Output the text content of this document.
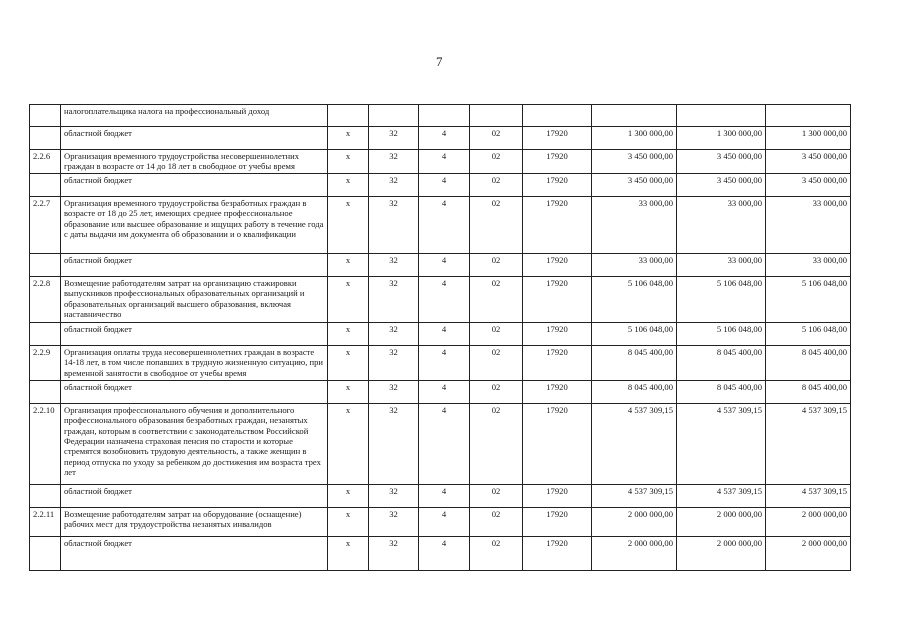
7
	налогоплательщика налога на профессиональный доход								
	областной бюджет	х	32	4	02	17920	1 300 000,00	1 300 000,00	1 300 000,00
2.2.6	Организация временного трудоустройства несовершеннолетних граждан в возрасте от 14 до 18 лет в свободное от учебы время	х	32	4	02	17920	3 450 000,00	3 450 000,00	3 450 000,00
	областной бюджет	х	32	4	02	17920	3 450 000,00	3 450 000,00	3 450 000,00
2.2.7	Организация временного трудоустройства безработных граждан в возрасте от 18 до 25 лет, имеющих среднее профессиональное образование или высшее образование и ищущих работу в течение года с даты выдачи им документа об образовании и о квалификации	х	32	4	02	17920	33 000,00	33 000,00	33 000,00
	областной бюджет	х	32	4	02	17920	33 000,00	33 000,00	33 000,00
2.2.8	Возмещение работодателям затрат на организацию стажировки выпускников профессиональных образовательных организаций и образовательных организаций высшего образования, включая наставничество	х	32	4	02	17920	5 106 048,00	5 106 048,00	5 106 048,00
	областной бюджет	х	32	4	02	17920	5 106 048,00	5 106 048,00	5 106 048,00
2.2.9	Организация оплаты труда несовершеннолетних граждан в возрасте 14-18 лет, в том числе попавших в трудную жизненную ситуацию, при временной занятости в свободное от учебы время	х	32	4	02	17920	8 045 400,00	8 045 400,00	8 045 400,00
	областной бюджет	х	32	4	02	17920	8 045 400,00	8 045 400,00	8 045 400,00
2.2.10	Организация профессионального обучения и дополнительного профессионального образования безработных граждан, незанятых граждан, которым в соответствии с законодательством Российской Федерации назначена страховая пенсия по старости и которые стремятся возобновить трудовую деятельность, а также женщин в период отпуска по уходу за ребенком до достижения им возраста трех лет	х	32	4	02	17920	4 537 309,15	4 537 309,15	4 537 309,15
	областной бюджет	х	32	4	02	17920	4 537 309,15	4 537 309,15	4 537 309,15
2.2.11	Возмещение работодателям затрат на оборудование (оснащение) рабочих мест для трудоустройства незанятых инвалидов	х	32	4	02	17920	2 000 000,00	2 000 000,00	2 000 000,00
	областной бюджет	х	32	4	02	17920	2 000 000,00	2 000 000,00	2 000 000,00
